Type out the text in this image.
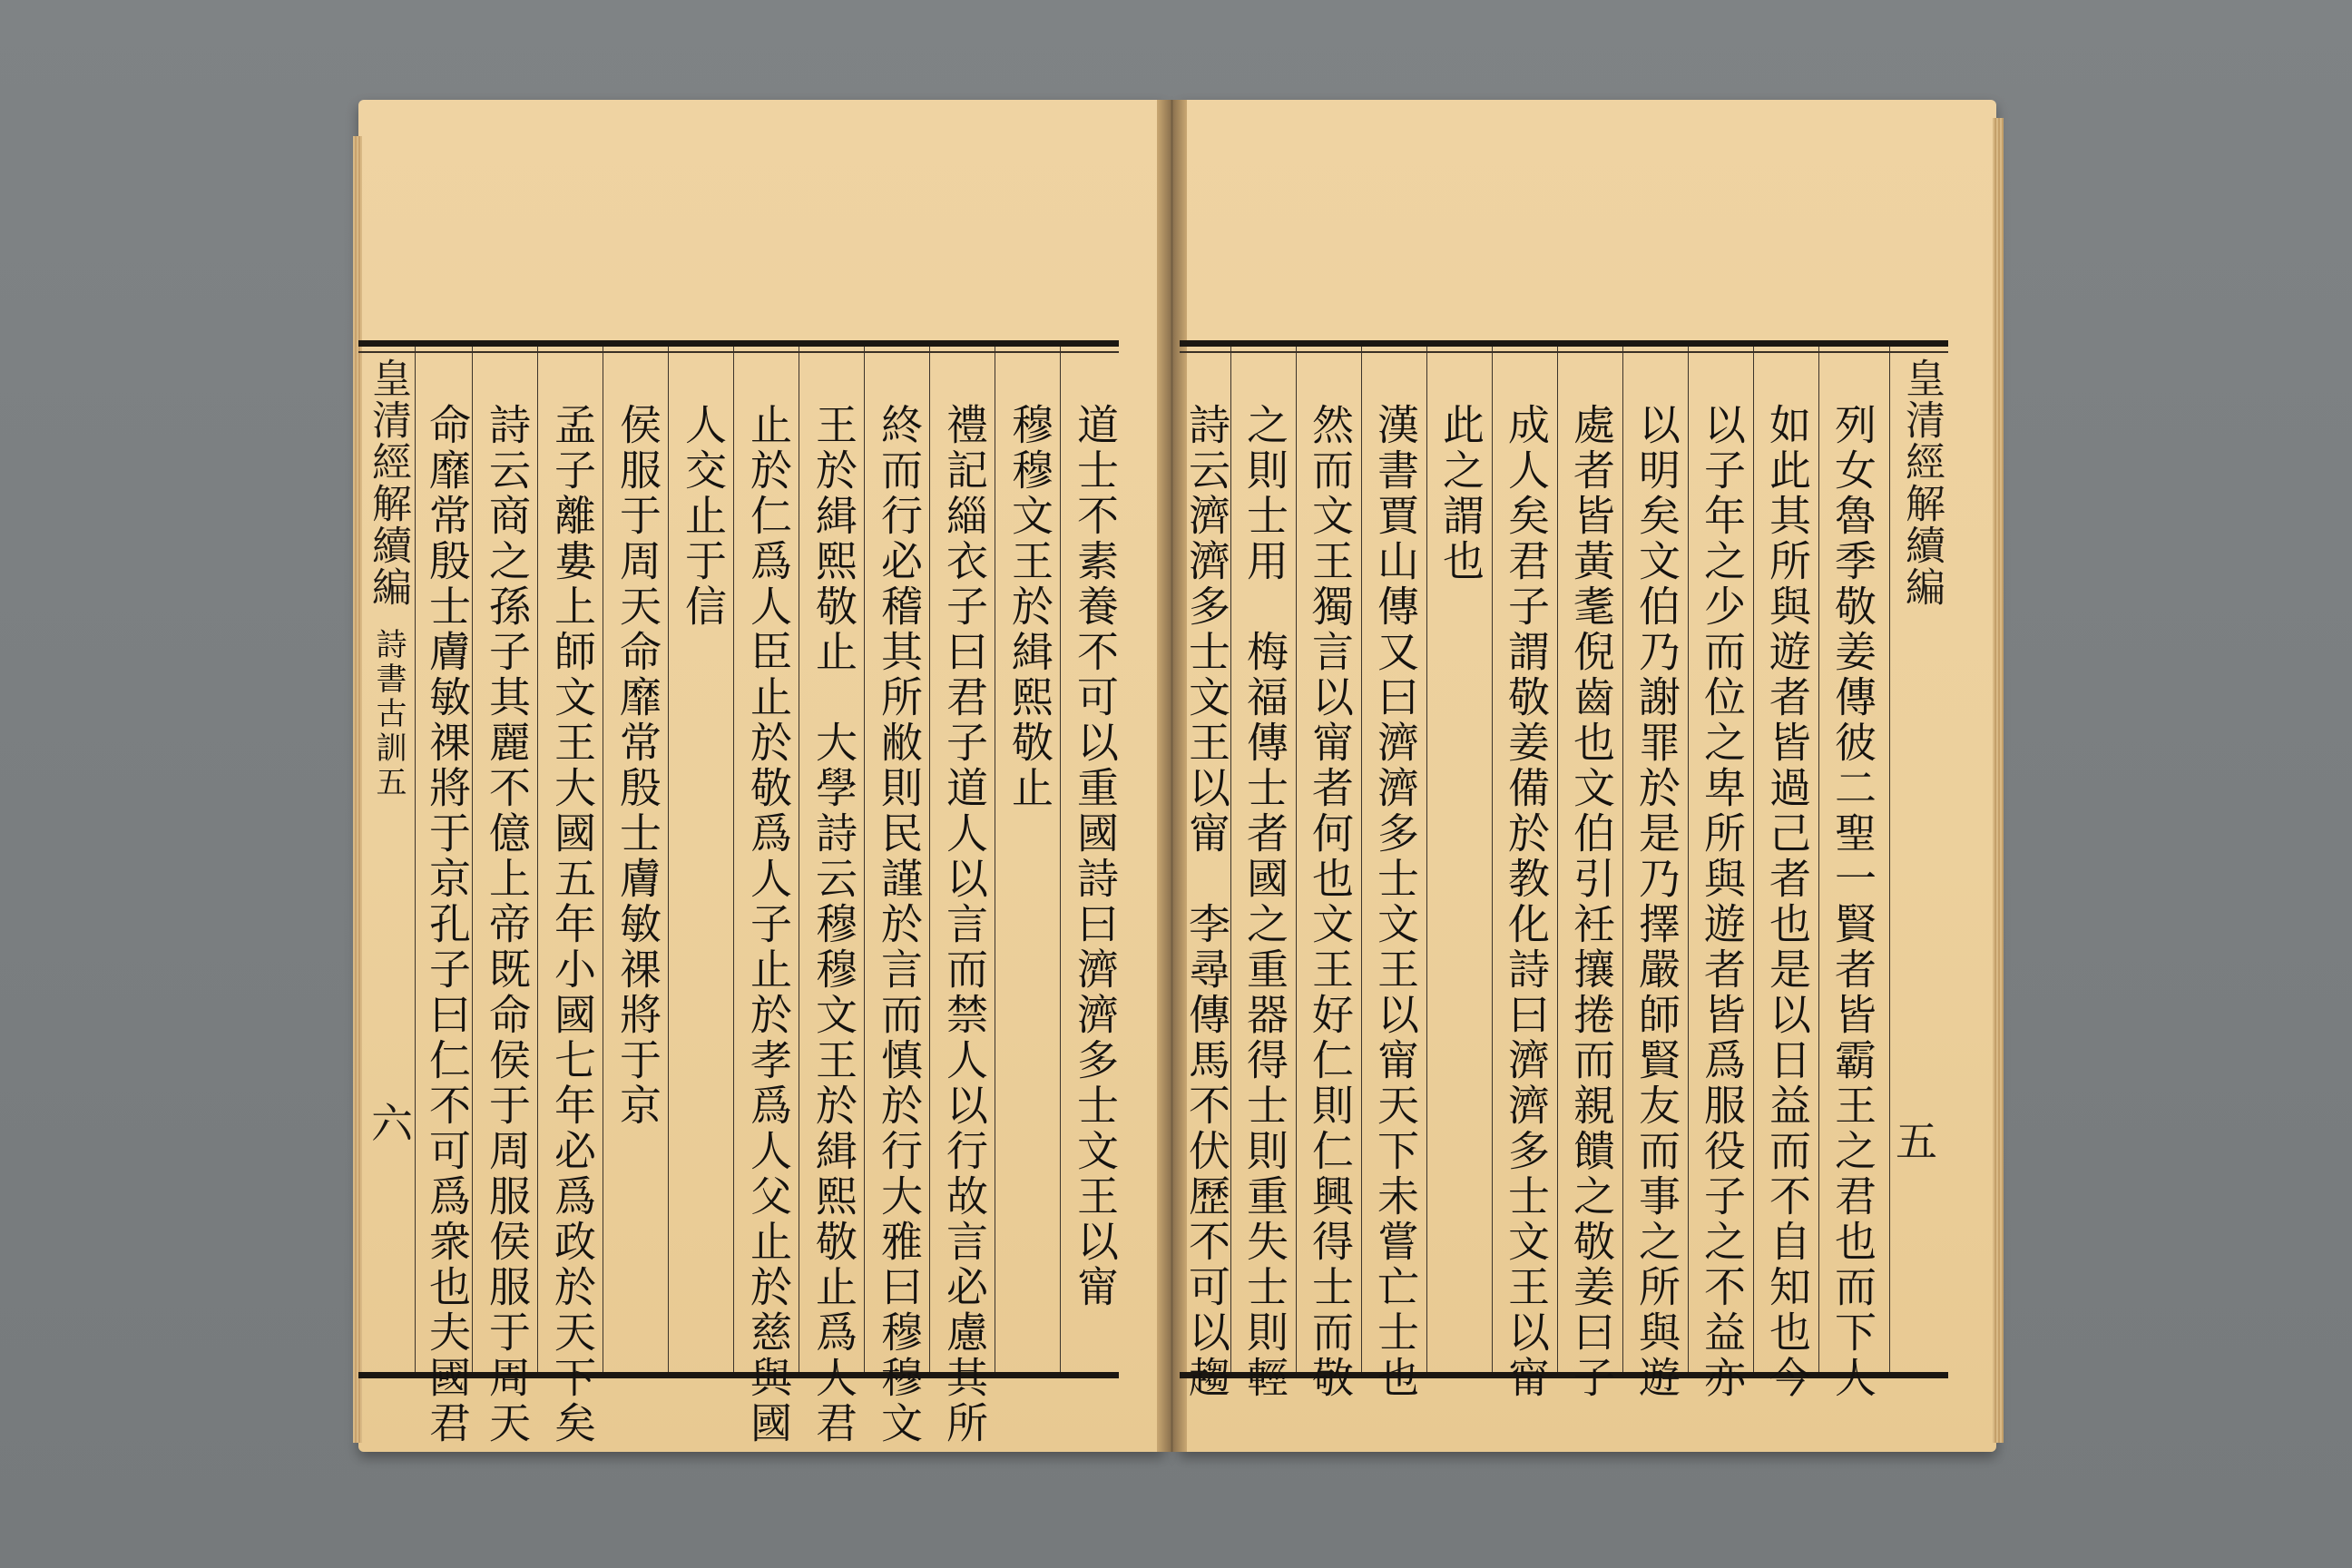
皇清經解續編
詩書古訓五
六	道士不素養不可以重國詩曰濟濟多士文王以甯
穆穆文王於緝熙敬止
禮記緇衣子曰君子道人以言而禁人以行故言必慮其所
終而行必稽其所敝則民謹於言而慎於行大雅曰穆穆文
王於緝熙敬止　大學詩云穆穆文王於緝熙敬止爲人君
止於仁爲人臣止於敬爲人子止於孝爲人父止於慈與國
人交止于信
侯服于周天命靡常殷士膚敏祼將于京
孟子離婁上師文王大國五年小國七年必爲政於天下矣
詩云商之孫子其麗不億上帝既命侯于周服侯服于周天
命靡常殷士膚敏祼將于京孔子曰仁不可爲衆也夫國君	皇清經解續編
五
列女魯季敬姜傳彼二聖一賢者皆霸王之君也而下人
如此其所與遊者皆過己者也是以日益而不自知也今
以子年之少而位之卑所與遊者皆爲服役子之不益亦
以明矣文伯乃謝罪於是乃擇嚴師賢友而事之所與遊
處者皆黃耄倪齒也文伯引衽攘捲而親饋之敬姜曰子
成人矣君子謂敬姜備於教化詩曰濟濟多士文王以甯
此之謂也
漢書賈山傳又曰濟濟多士文王以甯天下未嘗亡士也
然而文王獨言以甯者何也文王好仁則仁興得士而敬
之則士用　梅福傳士者國之重器得士則重失士則輕
詩云濟濟多士文王以甯　李尋傳馬不伏歷不可以趨
